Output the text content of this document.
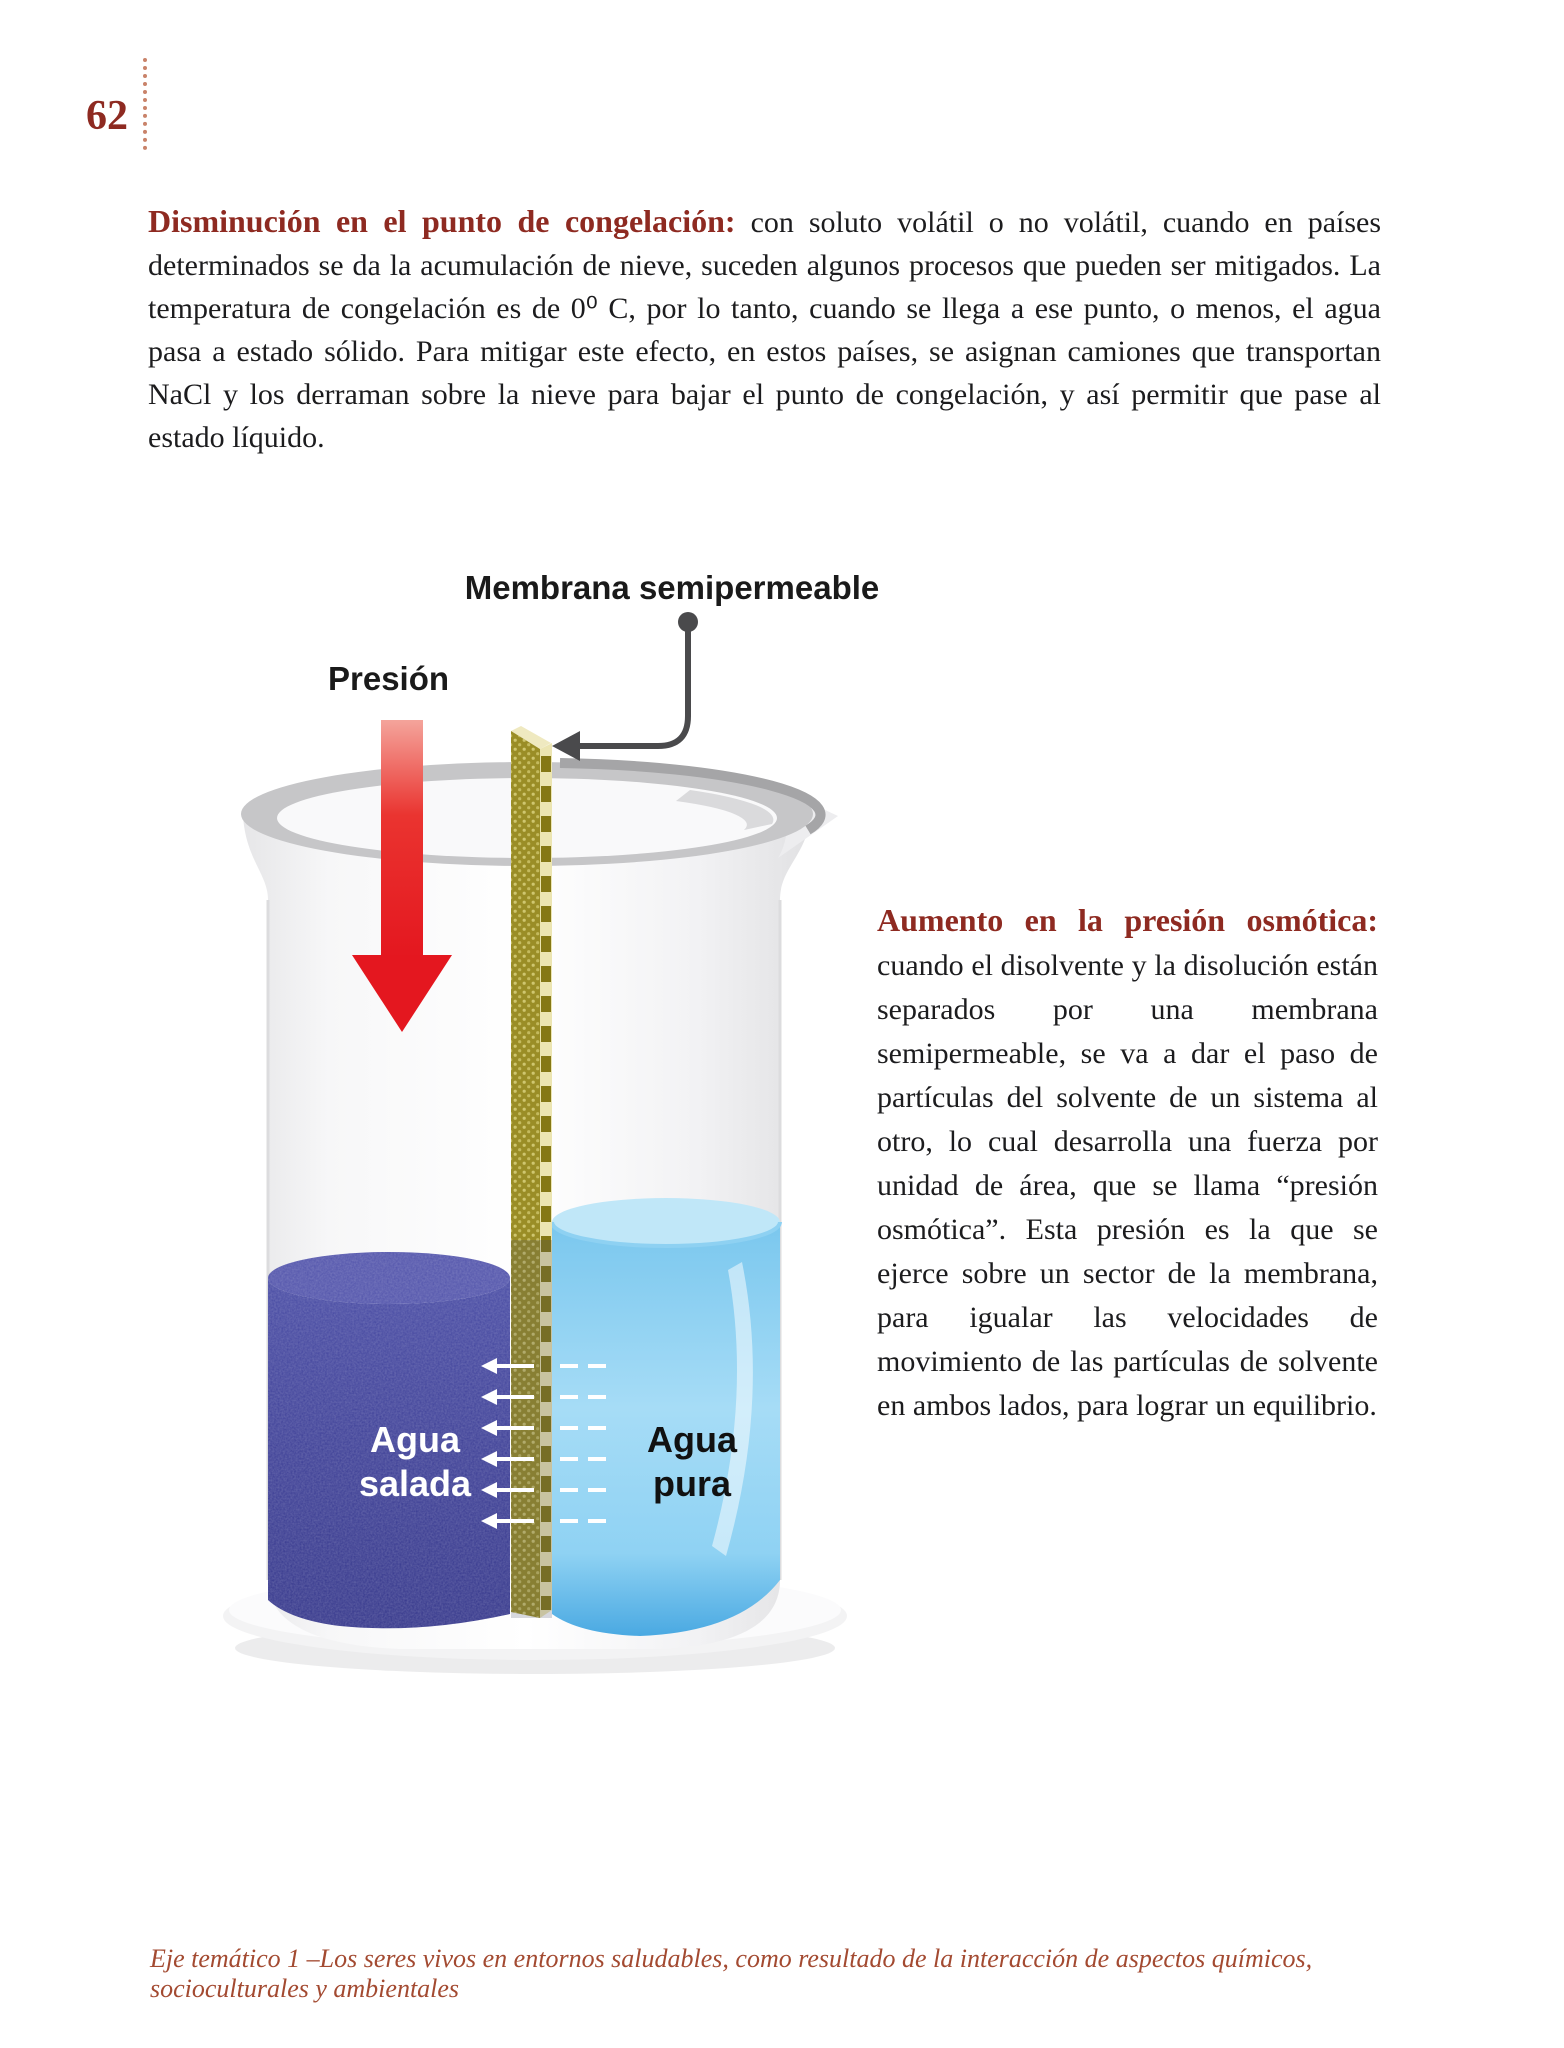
62

Disminución en el punto de congelación: con soluto volátil o no volátil, cuando en países determinados se da la acumulación de nieve, suceden algunos procesos que pueden ser mitigados. La temperatura de congelación es de 0⁰ C, por lo tanto, cuando se llega a ese punto, o menos, el agua pasa a estado sólido. Para mitigar este efecto, en estos países, se asignan camiones que transportan NaCl y los derraman sobre la nieve para bajar el punto de congelación, y así permitir que pase al estado líquido.

Aumento en la presión osmótica: cuando el disolvente y la disolución están separados por una membrana semipermeable, se va a dar el paso de partículas del solvente de un sistema al otro, lo cual desarrolla una fuerza por unidad de área, que se llama “presión osmótica”. Esta presión es la que se ejerce sobre un sector de la membrana, para igualar las velocidades de movimiento de las partículas de solvente en ambos lados, para lograr un equilibrio.

Membrana semipermeable
Presión
Agua
salada
Agua
pura
Eje temático 1 –Los seres vivos en entornos saludables, como resultado de la interacción de aspectos químicos, socioculturales y ambientales
